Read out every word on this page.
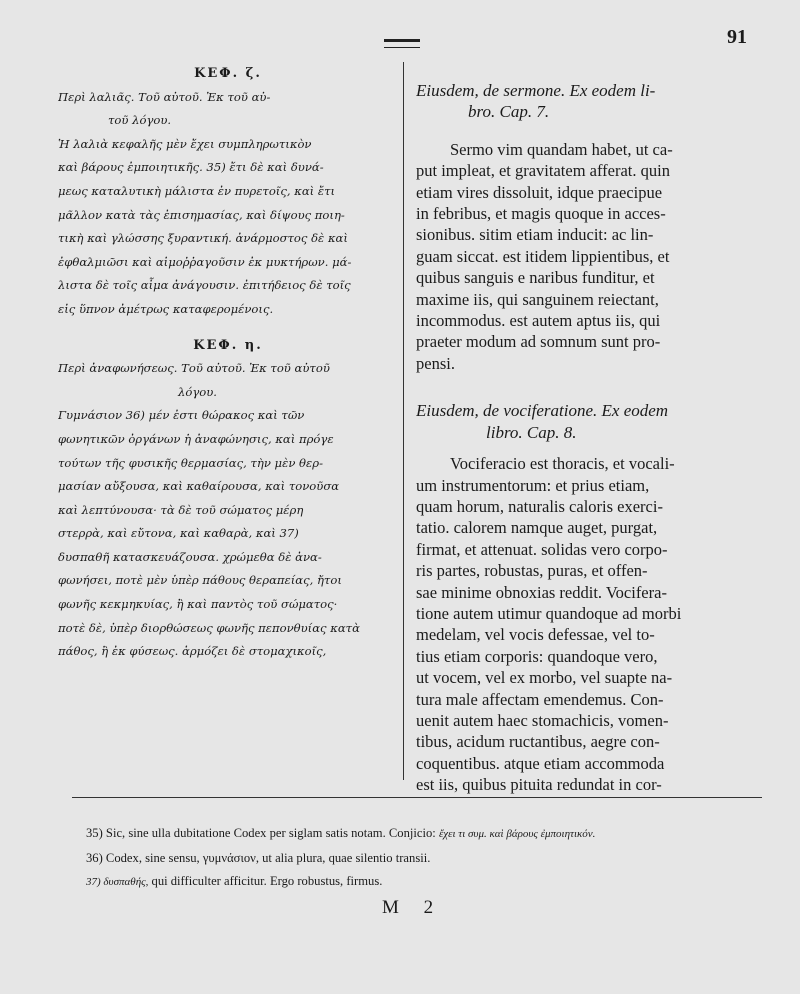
91
ΚΕΦ. ζ.
Περὶ λαλιᾶς. Τοῦ αὐτοῦ. Ἐκ τοῦ αὐ-
τοῦ λόγου.
Ἡ λαλιὰ κεφαλῆς μὲν ἔχει συμπληρωτικὸν
καὶ βάρους ἐμποιητικῆς. 35) ἔτι δὲ καὶ δυνά-
μεως καταλυτικὴ μάλιστα ἐν πυρετοῖς, καὶ ἔτι
μᾶλλον κατὰ τὰς ἐπισημασίας, καὶ δίψους ποιη-
τικὴ καὶ γλώσσης ξυραντική. ἀνάρμοστος δὲ καὶ
ἐφθαλμιῶσι καὶ αἱμοῤῥαγοῦσιν ἐκ μυκτήρων. μά-
λιστα δὲ τοῖς αἷμα ἀνάγουσιν. ἐπιτήδειος δὲ τοῖς
εἰς ὕπνον ἀμέτρως καταφερομένοις.
ΚΕΦ. η.
Περὶ ἀναφωνήσεως. Τοῦ αὐτοῦ. Ἐκ τοῦ αὐτοῦ
λόγου.
Γυμνάσιον 36) μέν ἐστι θώρακος καὶ τῶν
φωνητικῶν ὀργάνων ἡ ἀναφώνησις, καὶ πρόγε
τούτων τῆς φυσικῆς θερμασίας, τὴν μὲν θερ-
μασίαν αὔξουσα, καὶ καθαίρουσα, καὶ τονοῦσα
καὶ λεπτύνουσα· τὰ δὲ τοῦ σώματος μέρη
στερρὰ, καὶ εὔτονα, καὶ καθαρὰ, καὶ 37)
δυσπαθῆ κατασκευάζουσα. χρώμεθα δὲ ἀνα-
φωνήσει, ποτὲ μὲν ὑπὲρ πάθους θεραπείας, ἤτοι
φωνῆς κεκμηκυίας, ἢ καὶ παντὸς τοῦ σώματος·
ποτὲ δὲ, ὑπὲρ διορθώσεως φωνῆς πεπονθυίας κατὰ
πάθος, ἢ ἐκ φύσεως. ἁρμόζει δὲ στομαχικοῖς,
Eiusdem, de sermone. Ex eodem li-
bro. Cap. 7.
Sermo vim quandam habet, ut ca-
put impleat, et gravitatem afferat. quin
etiam vires dissoluit, idque praecipue
in febribus, et magis quoque in acces-
sionibus. sitim etiam inducit: ac lin-
guam siccat. est itidem lippientibus, et
quibus sanguis e naribus funditur, et
maxime iis, qui sanguinem reiectant,
incommodus. est autem aptus iis, qui
praeter modum ad somnum sunt pro-
pensi.
Eiusdem, de vociferatione. Ex eodem
libro. Cap. 8.
Vociferacio est thoracis, et vocali-
um instrumentorum: et prius etiam,
quam horum, naturalis caloris exerci-
tatio. calorem namque auget, purgat,
firmat, et attenuat. solidas vero corpo-
ris partes, robustas, puras, et offen-
sae minime obnoxias reddit. Vocifera-
tione autem utimur quandoque ad morbi
medelam, vel vocis defessae, vel to-
tius etiam corporis: quandoque vero,
ut vocem, vel ex morbo, vel suapte na-
tura male affectam emendemus. Con-
uenit autem haec stomachicis, vomen-
tibus, acidum ructantibus, aegre con-
coquentibus. atque etiam accommoda
est iis, quibus pituita redundat in cor-
35) Sic, sine ulla dubitatione Codex per siglam satis notam. Conjicio: ἔχει τι συμ. καὶ βάρους ἐμποιητικόν.
36) Codex, sine sensu, γυμνάσιον, ut alia plura, quae silentio transii.
37) δυσπαθής, qui difficulter afficitur. Ergo robustus, firmus.
M 2
